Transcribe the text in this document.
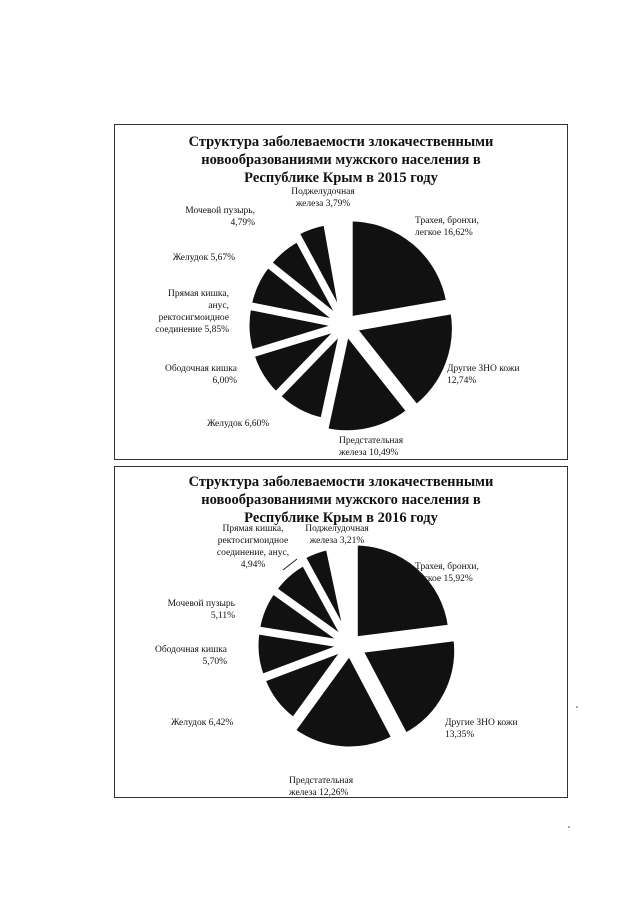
Структура заболеваемости злокачественными
новообразованиями мужского населения в
Республике Крым в 2015 году
Трахея, бронхи, легкое 16,62%
Другие ЗНО кожи 12,74%
Предстательная железа 10,49%
Желудок 6,60%
Ободочная кишка 6,00%
Прямая кишка, анус, ректосигмоидное соединение 5,85%
Желудок 5,67%
Мочевой пузырь, 4,79%
Поджелудочная железа 3,79%
Структура заболеваемости злокачественными
новообразованиями мужского населения в
Республике Крым в 2016 году
Трахея, бронхи, легкое 15,92%
Другие ЗНО кожи 13,35%
Предстательная железа 12,26%
Желудок 6,42%
Ободочная кишка 5,70%
Мочевой пузырь 5,11%
Прямая кишка, ректосигмоидное соединение, анус, 4,94%
Поджелудочная железа 3,21%
